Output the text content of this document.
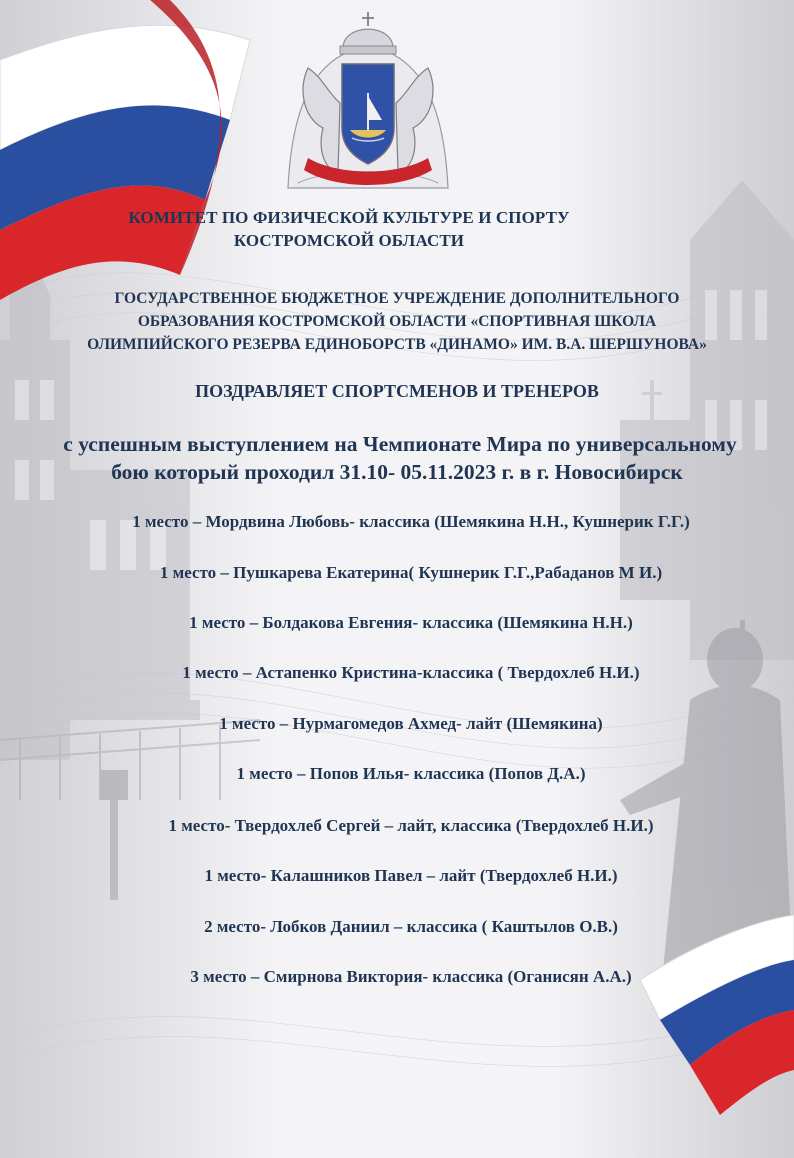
КОМИТЕТ ПО ФИЗИЧЕСКОЙ КУЛЬТУРЕ И СПОРТУ
КОСТРОМСКОЙ ОБЛАСТИ
ГОСУДАРСТВЕННОЕ БЮДЖЕТНОЕ УЧРЕЖДЕНИЕ ДОПОЛНИТЕЛЬНОГО
ОБРАЗОВАНИЯ КОСТРОМСКОЙ ОБЛАСТИ «СПОРТИВНАЯ ШКОЛА
ОЛИМПИЙСКОГО РЕЗЕРВА ЕДИНОБОРСТВ «ДИНАМО» ИМ. В.А. ШЕРШУНОВА»
ПОЗДРАВЛЯЕТ СПОРТСМЕНОВ И ТРЕНЕРОВ
с успешным выступлением на Чемпионате Мира по универсальному
бою который проходил 31.10- 05.11.2023 г. в г. Новосибирск
1 место – Мордвина Любовь- классика (Шемякина Н.Н., Кушнерик Г.Г.)
1 место – Пушкарева Екатерина( Кушнерик Г.Г.,Рабаданов М И.)
1 место – Болдакова Евгения- классика (Шемякина Н.Н.)
1 место – Астапенко Кристина-классика ( Твердохлеб Н.И.)
1 место – Нурмагомедов Ахмед- лайт (Шемякина)
1 место – Попов Илья- классика (Попов Д.А.)
1 место- Твердохлеб Сергей – лайт, классика (Твердохлеб Н.И.)
1 место- Калашников Павел – лайт (Твердохлеб Н.И.)
2 место- Лобков Даниил – классика ( Каштылов О.В.)
3 место – Смирнова Виктория- классика (Оганисян А.А.)
